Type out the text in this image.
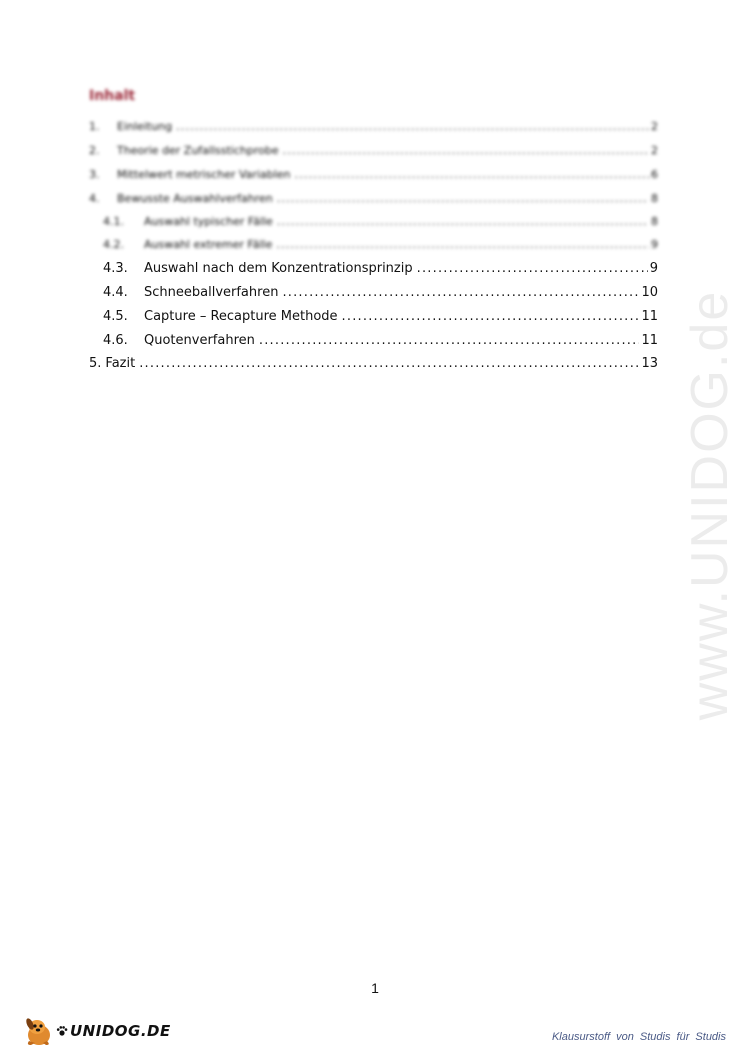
www.UNIDOG.de
Inhalt
1.	Einleitung .....	2
2.	Theorie der Zufallsstichprobe .....	2
3.	Mittelwert metrischer Variablen .....	6
4.	Bewusste Auswahlverfahren .....	8
4.1.	Auswahl typischer Fälle .....	8
4.2.	Auswahl extremer Fälle .....	9
4.3.	Auswahl nach dem Konzentrationsprinzip .....	9
4.4.	Schneeballverfahren .....	10
4.5.	Capture – Recapture Methode .....	11
4.6.	Quotenverfahren .....	11
5. Fazit .....	13
1
UNIDOG.DE	Klausurstoff von Studis für Studis
